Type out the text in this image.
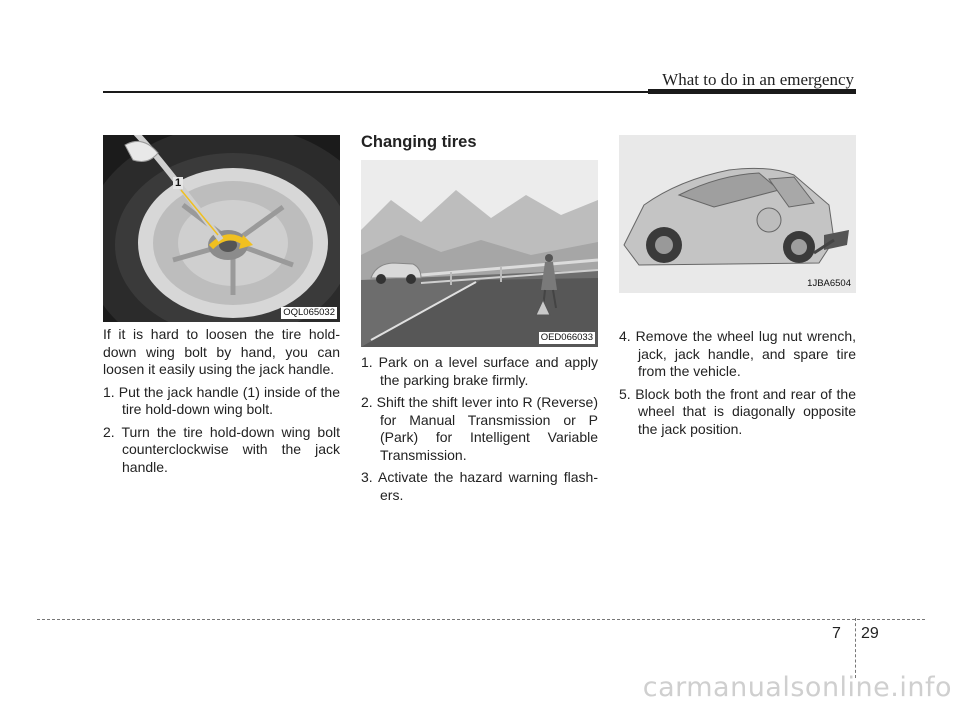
What to do in an emergency
1
OQL065032

If it is hard to loosen the tire hold-down wing bolt by hand, you can loosen it easily using the jack handle.

1. Put the jack handle (1) inside of the tire hold-down wing bolt.
2. Turn the tire hold-down wing bolt counterclockwise with the jack handle.
Changing tires
OED066033
1. Park on a level surface and apply the parking brake firmly.
2. Shift the shift lever into R (Reverse) for Manual Transmission or P (Park) for Intelligent Variable Transmission.
3. Activate the hazard warning flash-ers.
1JBA6504
4. Remove the wheel lug nut wrench, jack, jack handle, and spare tire from the vehicle.
5. Block both the front and rear of the wheel that is diagonally opposite the jack position.
7 29
carmanualsonline.info
